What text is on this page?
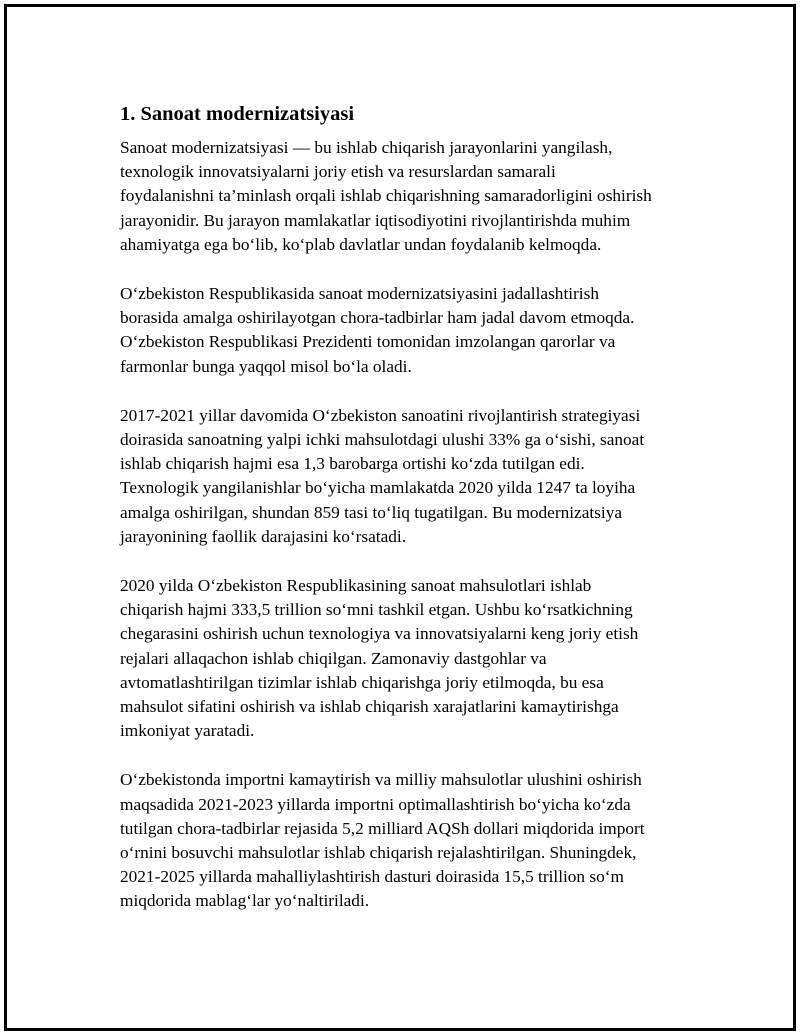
1. Sanoat modernizatsiyasi

Sanoat modernizatsiyasi — bu ishlab chiqarish jarayonlarini yangilash,
texnologik innovatsiyalarni joriy etish va resurslardan samarali
foydalanishni ta’minlash orqali ishlab chiqarishning samaradorligini oshirish
jarayonidir. Bu jarayon mamlakatlar iqtisodiyotini rivojlantirishda muhim
ahamiyatga ega bo‘lib, ko‘plab davlatlar undan foydalanib kelmoqda.

O‘zbekiston Respublikasida sanoat modernizatsiyasini jadallashtirish
borasida amalga oshirilayotgan chora-tadbirlar ham jadal davom etmoqda.
O‘zbekiston Respublikasi Prezidenti tomonidan imzolangan qarorlar va
farmonlar bunga yaqqol misol bo‘la oladi.

2017-2021 yillar davomida O‘zbekiston sanoatini rivojlantirish strategiyasi
doirasida sanoatning yalpi ichki mahsulotdagi ulushi 33% ga o‘sishi, sanoat
ishlab chiqarish hajmi esa 1,3 barobarga ortishi ko‘zda tutilgan edi.
Texnologik yangilanishlar bo‘yicha mamlakatda 2020 yilda 1247 ta loyiha
amalga oshirilgan, shundan 859 tasi to‘liq tugatilgan. Bu modernizatsiya
jarayonining faollik darajasini ko‘rsatadi.

2020 yilda O‘zbekiston Respublikasining sanoat mahsulotlari ishlab
chiqarish hajmi 333,5 trillion so‘mni tashkil etgan. Ushbu ko‘rsatkichning
chegarasini oshirish uchun texnologiya va innovatsiyalarni keng joriy etish
rejalari allaqachon ishlab chiqilgan. Zamonaviy dastgohlar va
avtomatlashtirilgan tizimlar ishlab chiqarishga joriy etilmoqda, bu esa
mahsulot sifatini oshirish va ishlab chiqarish xarajatlarini kamaytirishga
imkoniyat yaratadi.

O‘zbekistonda importni kamaytirish va milliy mahsulotlar ulushini oshirish
maqsadida 2021-2023 yillarda importni optimallashtirish bo‘yicha ko‘zda
tutilgan chora-tadbirlar rejasida 5,2 milliard AQSh dollari miqdorida import
o‘rnini bosuvchi mahsulotlar ishlab chiqarish rejalashtirilgan. Shuningdek,
2021-2025 yillarda mahalliylashtirish dasturi doirasida 15,5 trillion so‘m
miqdorida mablag‘lar yo‘naltiriladi.
